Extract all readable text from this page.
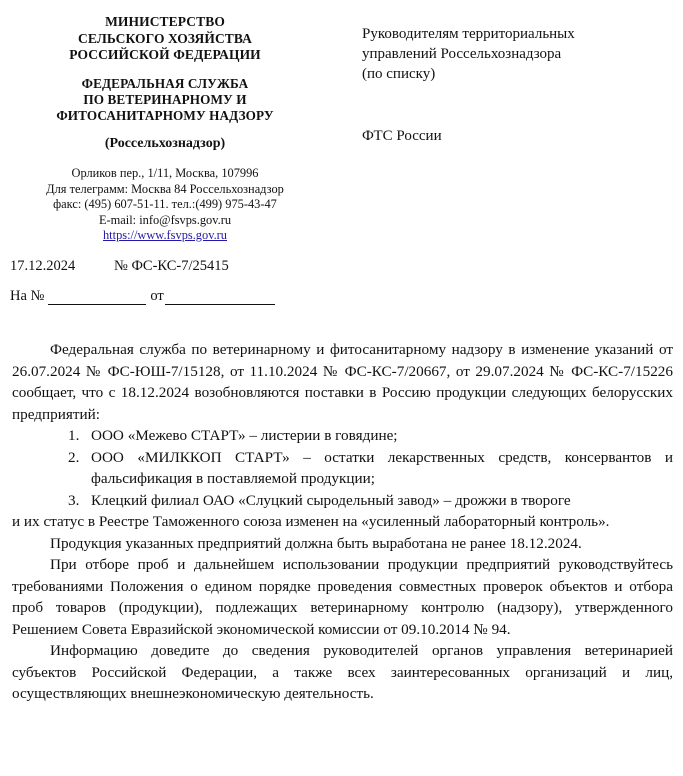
МИНИСТЕРСТВО
СЕЛЬСКОГО ХОЗЯЙСТВА
РОССИЙСКОЙ ФЕДЕРАЦИИ
ФЕДЕРАЛЬНАЯ СЛУЖБА
ПО ВЕТЕРИНАРНОМУ И
ФИТОСАНИТАРНОМУ НАДЗОРУ
(Россельхознадзор)
Орликов пер., 1/11, Москва, 107996
Для телеграмм: Москва 84 Россельхознадзор
факс: (495) 607-51-11. тел.:(499) 975-43-47
E-mail: info@fsvps.gov.ru
https://www.fsvps.gov.ru
17.12.2024	№ ФС-КС-7/25415
На №	от
Руководителям территориальных
управлений Россельхознадзора
(по списку)
ФТС России

Федеральная служба по ветеринарному и фитосанитарному надзору в изменение указаний от 26.07.2024 № ФС-ЮШ-7/15128, от 11.10.2024 № ФС-КС-7/20667, от 29.07.2024 № ФС-КС-7/15226 сообщает, что с 18.12.2024 возобновляются поставки в Россию продукции следующих белорусских предприятий:

ООО «Межево СТАРТ» – листерии в говядине;
ООО «МИЛККОП СТАРТ» – остатки лекарственных средств, консервантов и фальсификация в поставляемой продукции;
Клецкий филиал ОАО «Слуцкий сыродельный завод» – дрожжи в твороге

и их статус в Реестре Таможенного союза изменен на «усиленный лабораторный контроль».

Продукция указанных предприятий должна быть выработана не ранее 18.12.2024.

При отборе проб и дальнейшем использовании продукции предприятий руководствуйтесь требованиями Положения о едином порядке проведения совместных проверок объектов и отбора проб товаров (продукции), подлежащих ветеринарному контролю (надзору), утвержденного Решением Совета Евразийской экономической комиссии от 09.10.2014 № 94.

Информацию доведите до сведения руководителей органов управления ветеринарией субъектов Российской Федерации, а также всех заинтересованных организаций и лиц, осуществляющих внешнеэкономическую деятельность.
